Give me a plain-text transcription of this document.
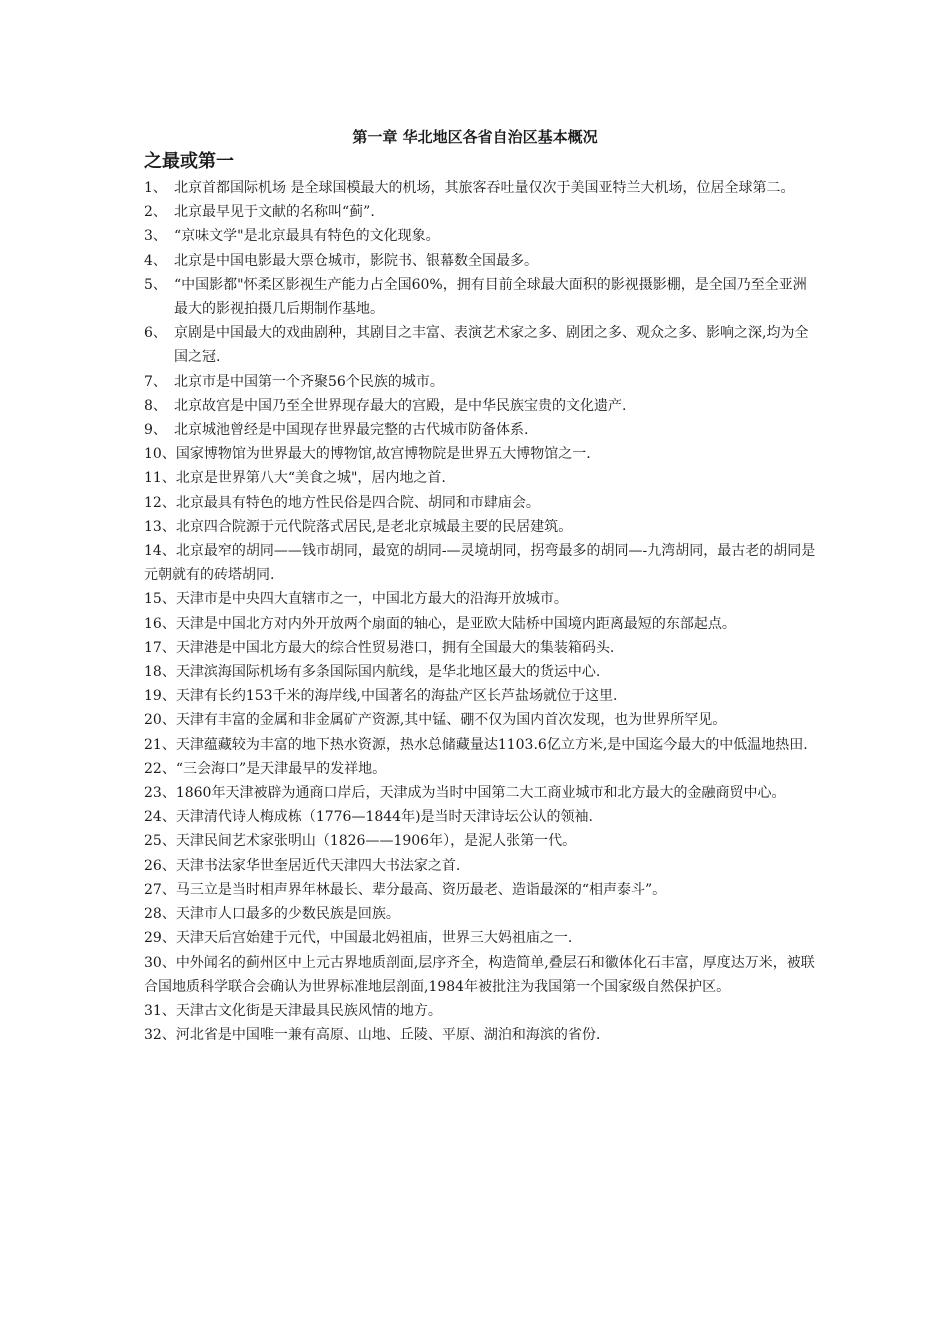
第一章 华北地区各省自治区基本概况
之最或第一
1、 北京首都国际机场 是全球国模最大的机场，其旅客吞吐量仅次于美国亚特兰大机场，位居全球第二。
2、 北京最早见于文献的名称叫“蓟”.
3、 “京味文学"是北京最具有特色的文化现象。
4、 北京是中国电影最大票仓城市，影院书、银幕数全国最多。
5、 “中国影都"怀柔区影视生产能力占全国60%，拥有目前全球最大面积的影视摄影棚，是全国乃至全亚洲最大的影视拍摄几后期制作基地。
6、 京剧是中国最大的戏曲剧种，其剧目之丰富、表演艺术家之多、剧团之多、观众之多、影响之深,均为全国之冠.
7、 北京市是中国第一个齐聚56个民族的城市。
8、 北京故宫是中国乃至全世界现存最大的宫殿，是中华民族宝贵的文化遗产.
9、 北京城池曾经是中国现存世界最完整的古代城市防备体系.
10、国家博物馆为世界最大的博物馆,故宫博物院是世界五大博物馆之一.
11、北京是世界第八大“美食之城"，居内地之首.
12、北京最具有特色的地方性民俗是四合院、胡同和市肆庙会。
13、北京四合院源于元代院落式居民,是老北京城最主要的民居建筑。
14、北京最窄的胡同——钱市胡同，最宽的胡同-—灵境胡同，拐弯最多的胡同—-九湾胡同，最古老的胡同是元朝就有的砖塔胡同.
15、天津市是中央四大直辖市之一，中国北方最大的沿海开放城市。
16、天津是中国北方对内外开放两个扇面的轴心，是亚欧大陆桥中国境内距离最短的东部起点。
17、天津港是中国北方最大的综合性贸易港口，拥有全国最大的集装箱码头.
18、天津滨海国际机场有多条国际国内航线，是华北地区最大的货运中心.
19、天津有长约153千米的海岸线,中国著名的海盐产区长芦盐场就位于这里.
20、天津有丰富的金属和非金属矿产资源,其中锰、硼不仅为国内首次发现，也为世界所罕见。
21、天津蕴藏较为丰富的地下热水资源，热水总储藏量达1103.6亿立方米,是中国迄今最大的中低温地热田.
22、“三会海口”是天津最早的发祥地。
23、1860年天津被辟为通商口岸后，天津成为当时中国第二大工商业城市和北方最大的金融商贸中心。
24、天津清代诗人梅成栋（1776—1844年)是当时天津诗坛公认的领袖.
25、天津民间艺术家张明山（1826——1906年），是泥人张第一代。
26、天津书法家华世奎居近代天津四大书法家之首.
27、马三立是当时相声界年林最长、辈分最高、资历最老、造诣最深的“相声泰斗”。
28、天津市人口最多的少数民族是回族。
29、天津天后宫始建于元代，中国最北妈祖庙，世界三大妈祖庙之一.
30、中外闻名的蓟州区中上元古界地质剖面,层序齐全，构造简单,叠层石和徽体化石丰富，厚度达万米，被联合国地质科学联合会确认为世界标准地层剖面,1984年被批注为我国第一个国家级自然保护区。
31、天津古文化街是天津最具民族风情的地方。
32、河北省是中国唯一兼有高原、山地、丘陵、平原、湖泊和海滨的省份.
